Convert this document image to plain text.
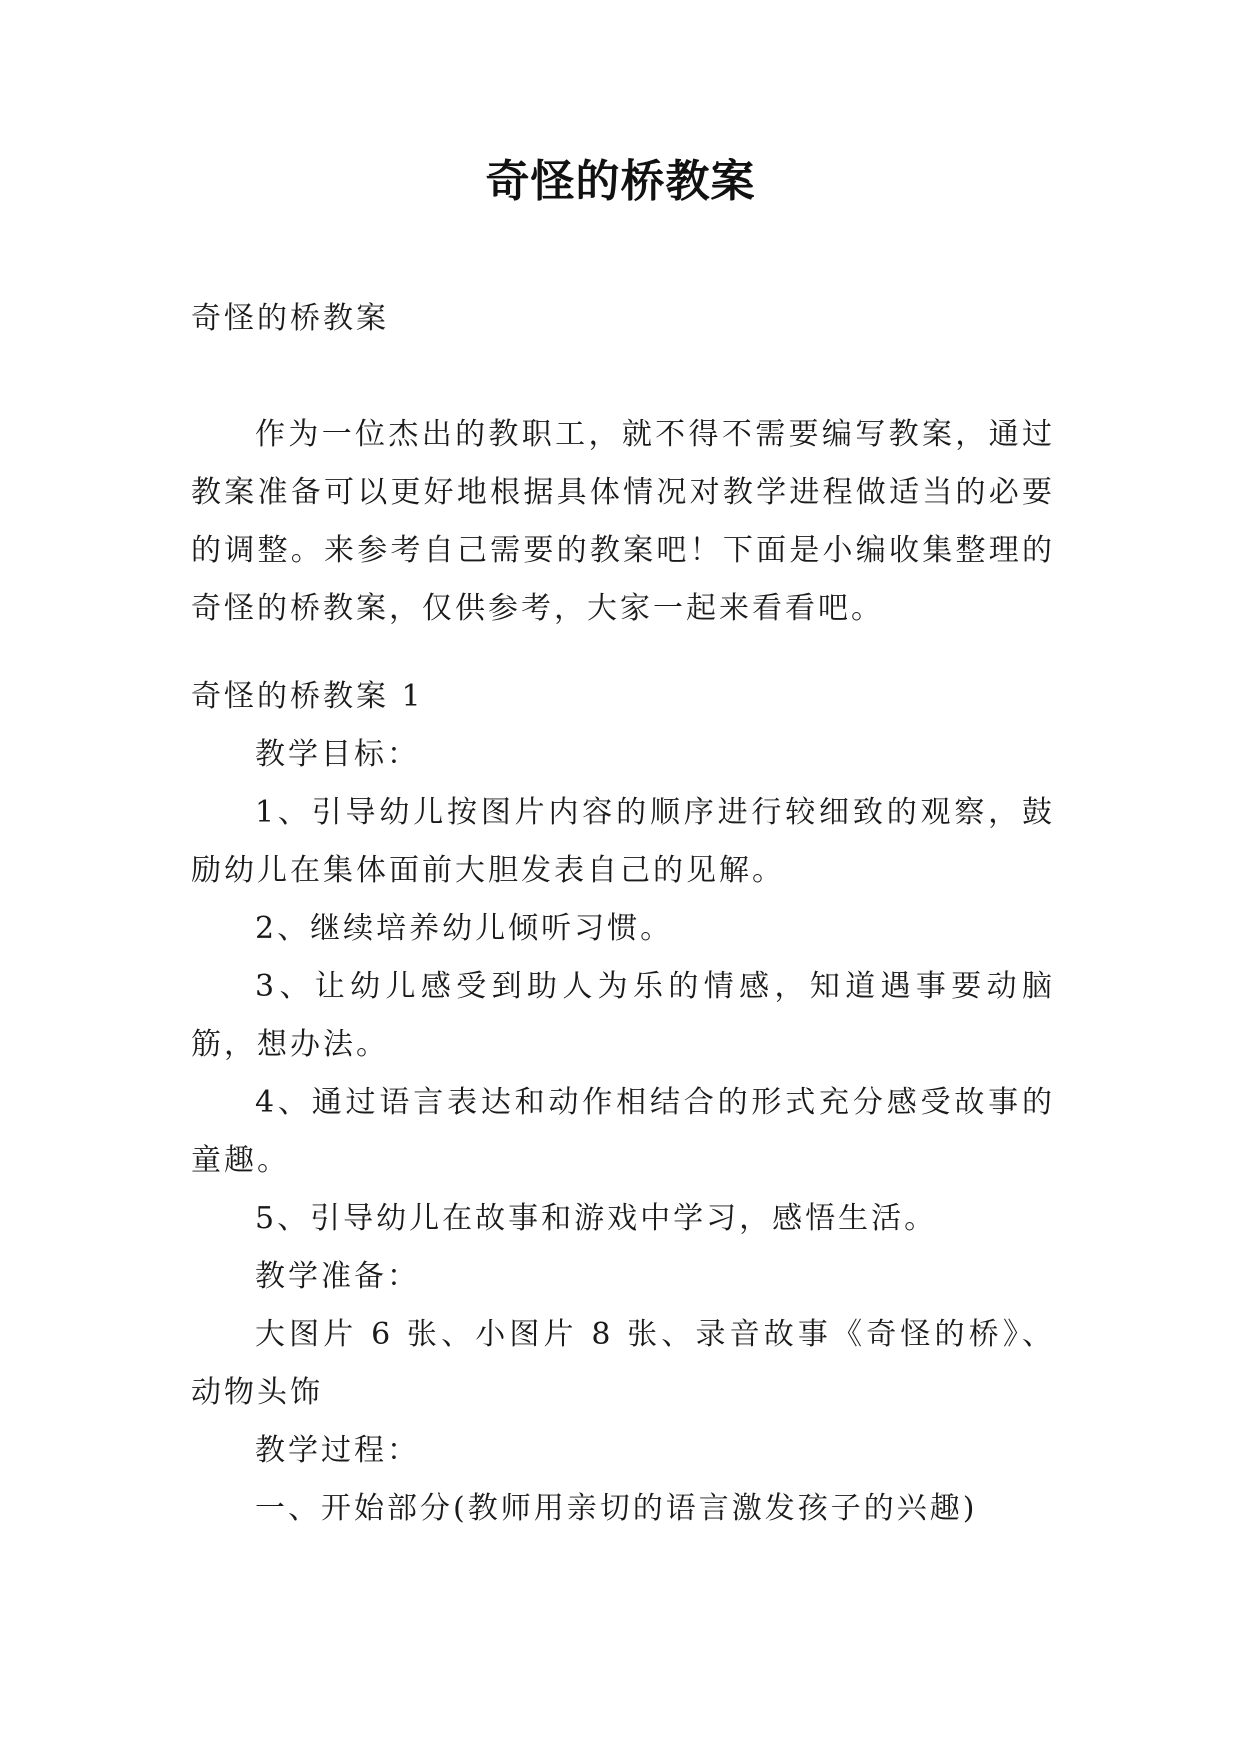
奇怪的桥教案

奇怪的桥教案

作为一位杰出的教职工，就不得不需要编写教案，通过教案准备可以更好地根据具体情况对教学进程做适当的必要的调整。来参考自己需要的教案吧！下面是小编收集整理的奇怪的桥教案，仅供参考，大家一起来看看吧。

奇怪的桥教案 1

教学目标：

1、引导幼儿按图片内容的顺序进行较细致的观察，鼓励幼儿在集体面前大胆发表自己的见解。

2、继续培养幼儿倾听习惯。

3、让幼儿感受到助人为乐的情感，知道遇事要动脑筋，想办法。

4、通过语言表达和动作相结合的形式充分感受故事的童趣。

5、引导幼儿在故事和游戏中学习，感悟生活。

教学准备：

大图片 6 张、小图片 8 张、录音故事《奇怪的桥》、动物头饰

教学过程：

一、开始部分(教师用亲切的语言激发孩子的兴趣)
